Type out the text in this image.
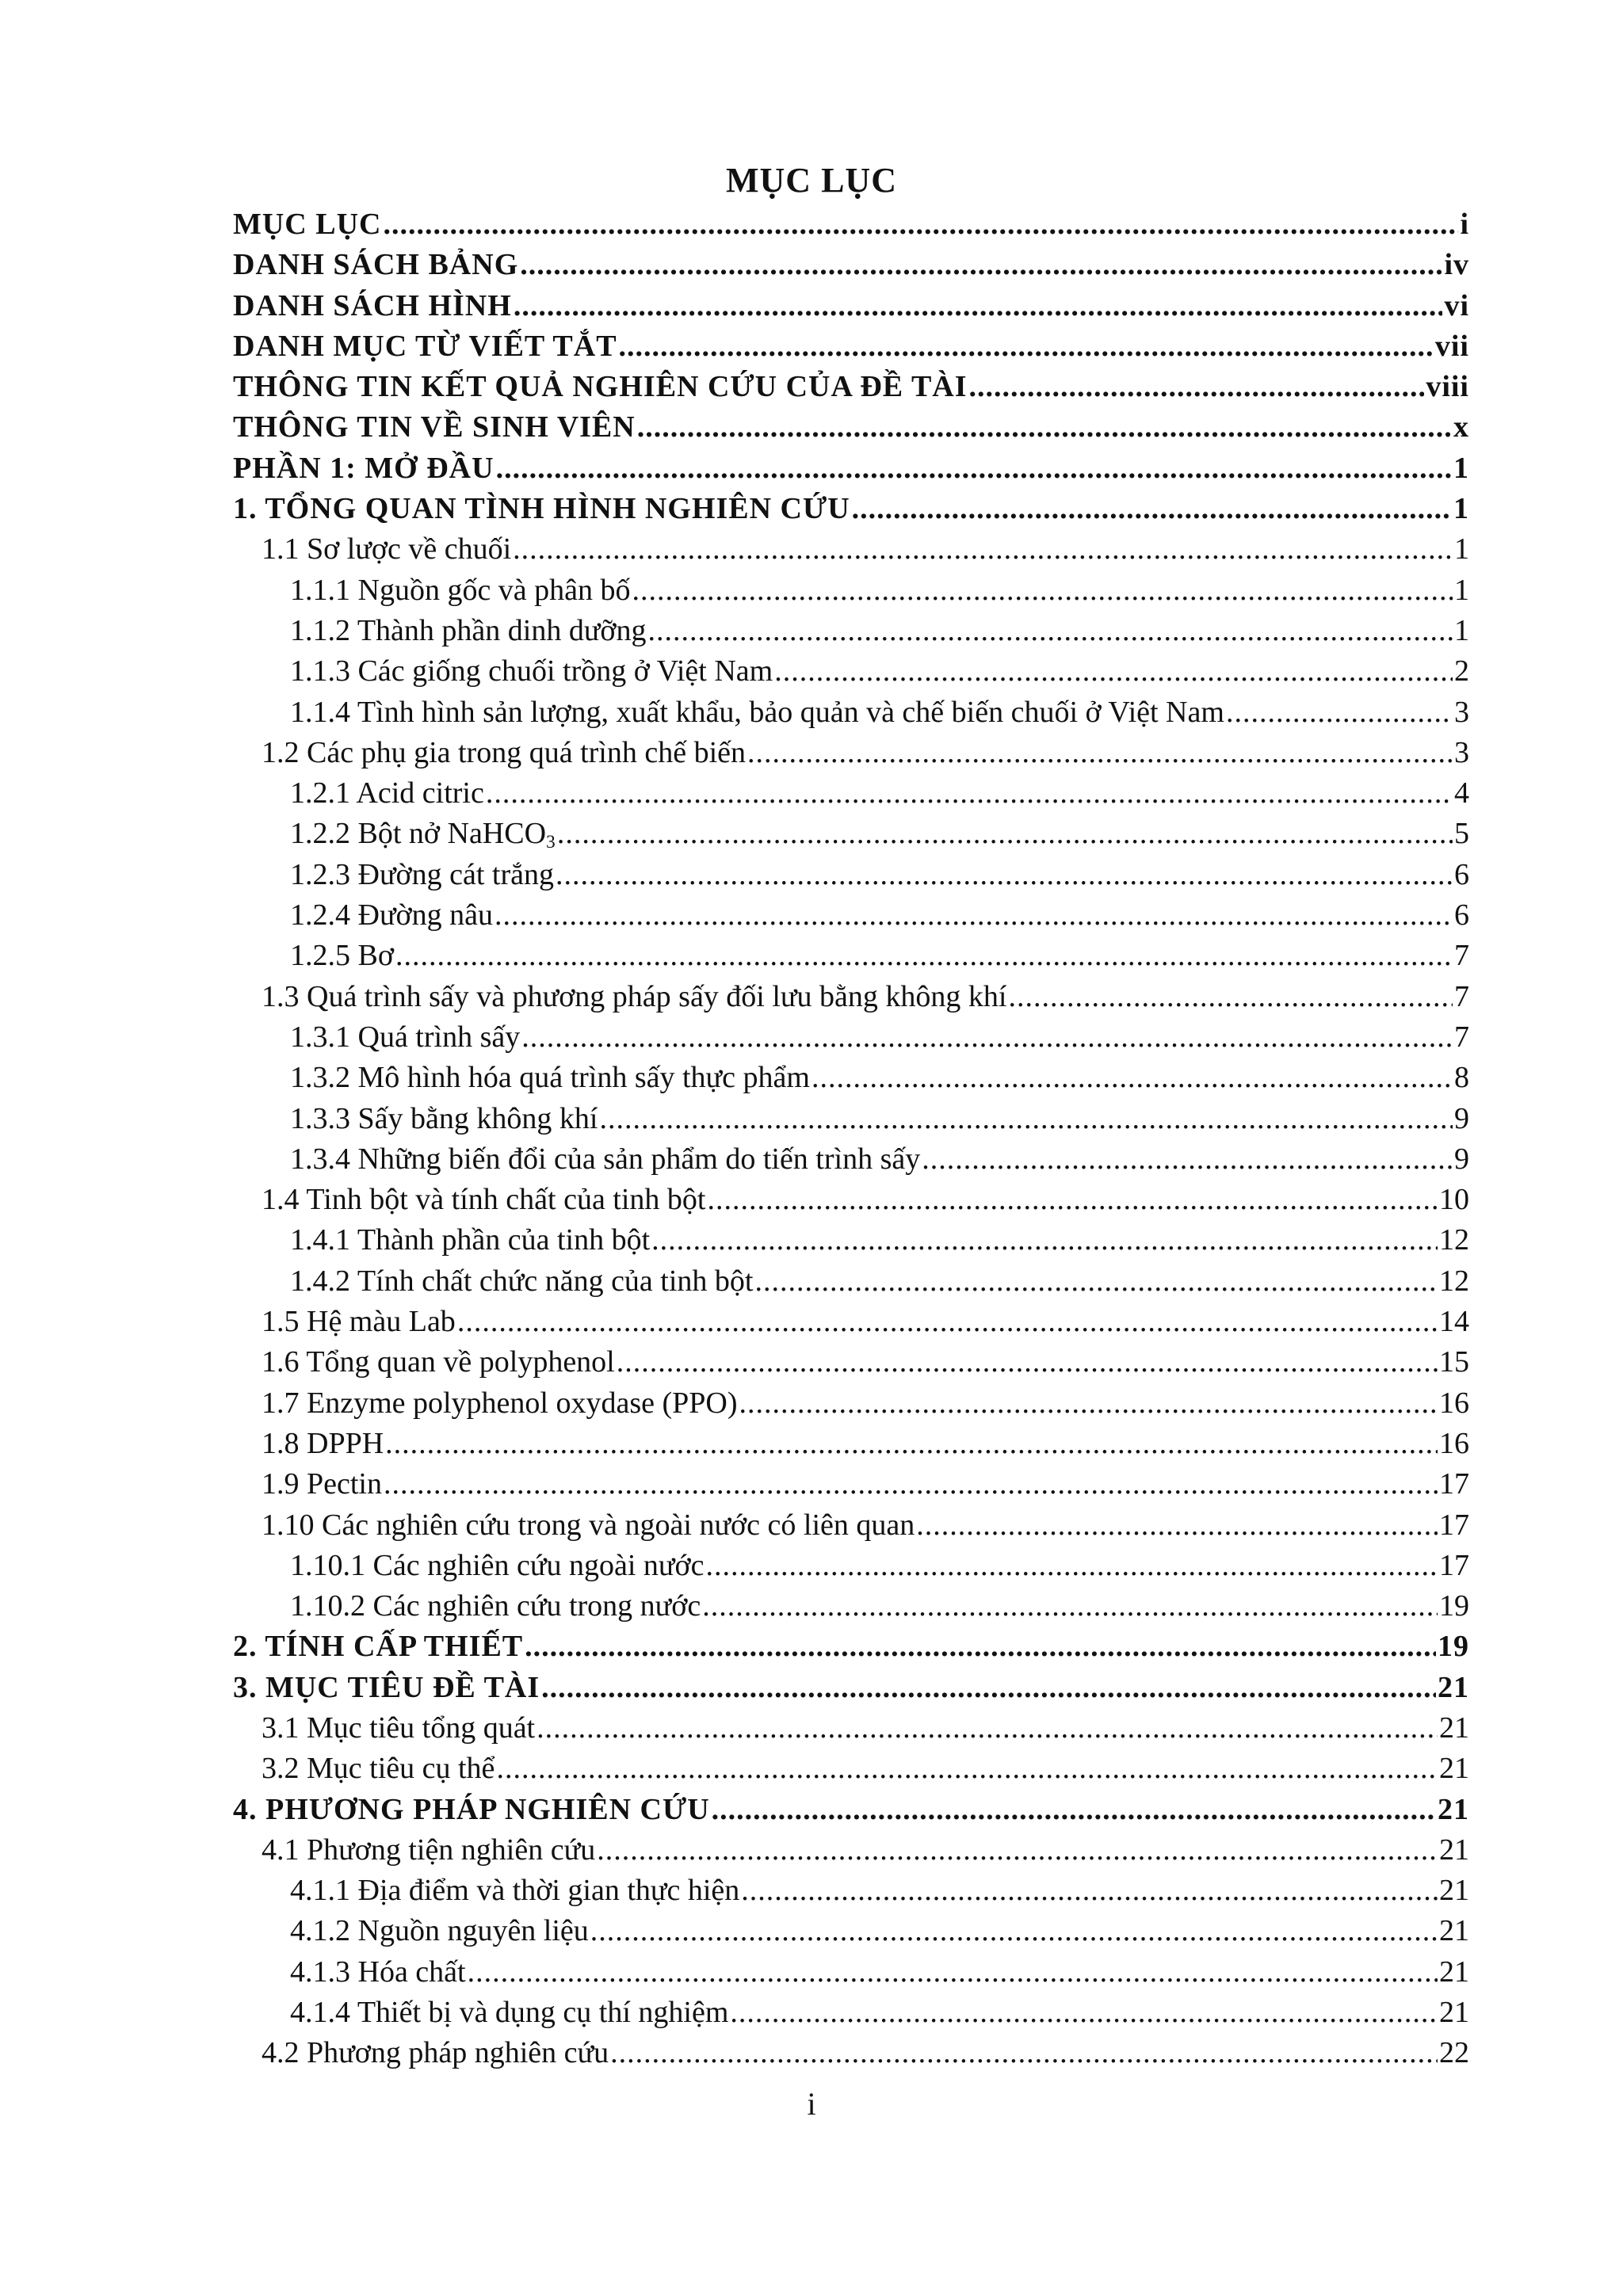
MỤC LỤC
MỤC LỤC .....	i
DANH SÁCH BẢNG .....	iv
DANH SÁCH HÌNH .....	vi
DANH MỤC TỪ VIẾT TẮT .....	vii
THÔNG TIN KẾT QUẢ NGHIÊN CỨU CỦA ĐỀ TÀI .....	viii
THÔNG TIN VỀ SINH VIÊN .....	x
PHẦN 1: MỞ ĐẦU .....	1
1. TỔNG QUAN TÌNH HÌNH NGHIÊN CỨU .....	1
1.1 Sơ lược về chuối .....	1
1.1.1 Nguồn gốc và phân bố .....	1
1.1.2 Thành phần dinh dưỡng .....	1
1.1.3 Các giống chuối trồng ở Việt Nam .....	2
1.1.4 Tình hình sản lượng, xuất khẩu, bảo quản và chế biến chuối ở Việt Nam .....	3
1.2 Các phụ gia trong quá trình chế biến .....	3
1.2.1 Acid citric .....	4
1.2.2 Bột nở NaHCO$_3$ .....	5
1.2.3 Đường cát trắng .....	6
1.2.4 Đường nâu .....	6
1.2.5 Bơ .....	7
1.3 Quá trình sấy và phương pháp sấy đối lưu bằng không khí .....	7
1.3.1 Quá trình sấy .....	7
1.3.2 Mô hình hóa quá trình sấy thực phẩm .....	8
1.3.3 Sấy bằng không khí .....	9
1.3.4 Những biến đổi của sản phẩm do tiến trình sấy .....	9
1.4 Tinh bột và tính chất của tinh bột .....	10
1.4.1 Thành phần của tinh bột .....	12
1.4.2 Tính chất chức năng của tinh bột .....	12
1.5 Hệ màu Lab .....	14
1.6 Tổng quan về polyphenol .....	15
1.7 Enzyme polyphenol oxydase (PPO) .....	16
1.8 DPPH .....	16
1.9 Pectin .....	17
1.10 Các nghiên cứu trong và ngoài nước có liên quan .....	17
1.10.1 Các nghiên cứu ngoài nước .....	17
1.10.2 Các nghiên cứu trong nước .....	19
2. TÍNH CẤP THIẾT .....	19
3. MỤC TIÊU ĐỀ TÀI .....	21
3.1 Mục tiêu tổng quát .....	21
3.2 Mục tiêu cụ thể .....	21
4. PHƯƠNG PHÁP NGHIÊN CỨU .....	21
4.1 Phương tiện nghiên cứu .....	21
4.1.1 Địa điểm và thời gian thực hiện .....	21
4.1.2 Nguồn nguyên liệu .....	21
4.1.3 Hóa chất .....	21
4.1.4 Thiết bị và dụng cụ thí nghiệm .....	21
4.2 Phương pháp nghiên cứu .....	22
i
